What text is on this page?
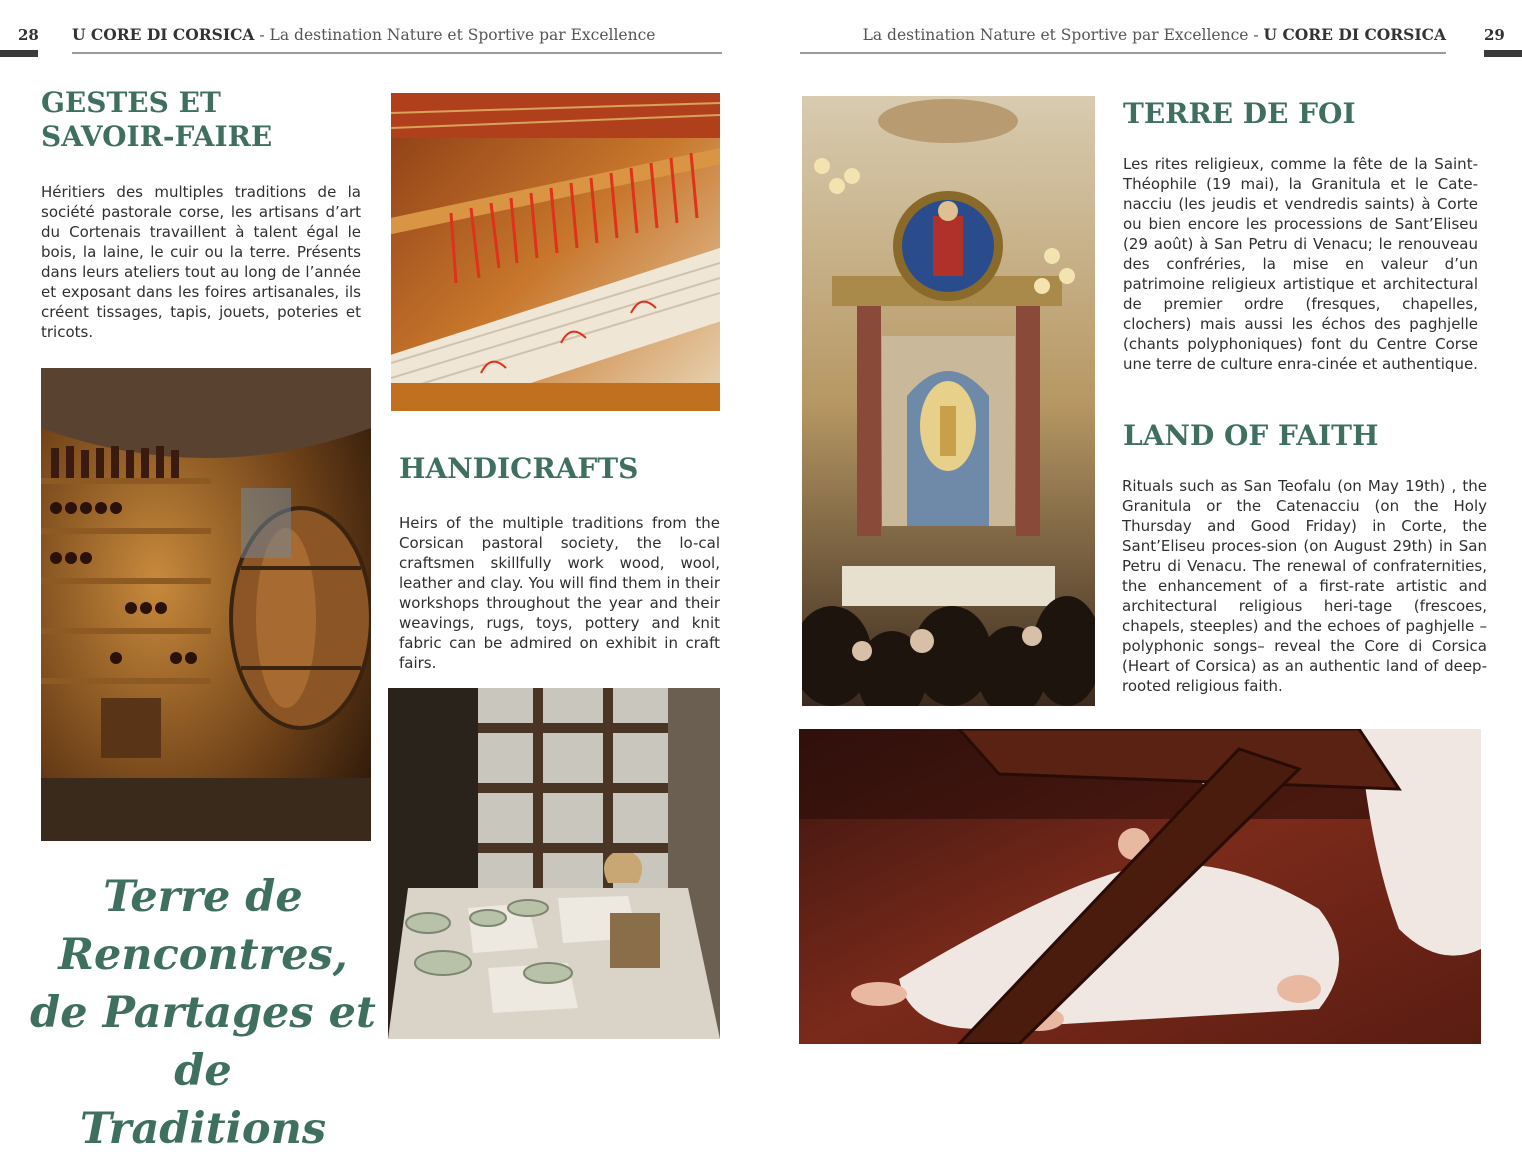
28 U CORE DI CORSICA - La destination Nature et Sportive par Excellence	La destination Nature et Sportive par Excellence - U CORE DI CORSICA	29
GESTES ET SAVOIR-FAIRE

Héritiers des multiples traditions de la société pastorale corse, les artisans d’art du Cortenais travaillent à talent égal le bois, la laine, le cuir ou la terre. Présents dans leurs ateliers tout au long de l’année et exposant dans les foires artisanales, ils créent tissages, tapis, jouets, poteries et tricots.

HANDICRAFTS

Heirs of the multiple traditions from the Corsican pastoral society, the lo-cal craftsmen skillfully work wood, wool, leather and clay. You will find them in their workshops throughout the year and their weavings, rugs, toys, pottery and knit fabric can be admired on exhibit in craft fairs.

Terre de Rencontres,
de Partages et de
Traditions
TERRE DE FOI

Les rites religieux, comme la fête de la Saint-Théophile (19 mai), la Granitula et le Cate-nacciu (les jeudis et vendredis saints) à Corte ou bien encore les processions de Sant’Eliseu (29 août) à San Petru di Venacu; le renouveau des confréries, la mise en valeur d’un patrimoine religieux artistique et architectural de premier ordre (fresques, chapelles, clochers) mais aussi les échos des paghjelle (chants polyphoniques) font du Centre Corse une terre de culture enra-cinée et authentique.

LAND OF FAITH

Rituals such as San Teofalu (on May 19th) , the Granitula or the Catenacciu (on the Holy Thursday and Good Friday) in Corte, the Sant’Eliseu proces-sion (on August 29th) in San Petru di Venacu. The renewal of confraternities, the enhancement of a first-rate artistic and architectural religious heri-tage (frescoes, chapels, steeples) and the echoes of paghjelle –polyphonic songs– reveal the Core di Corsica (Heart of Corsica) as an authentic land of deep-rooted religious faith.
